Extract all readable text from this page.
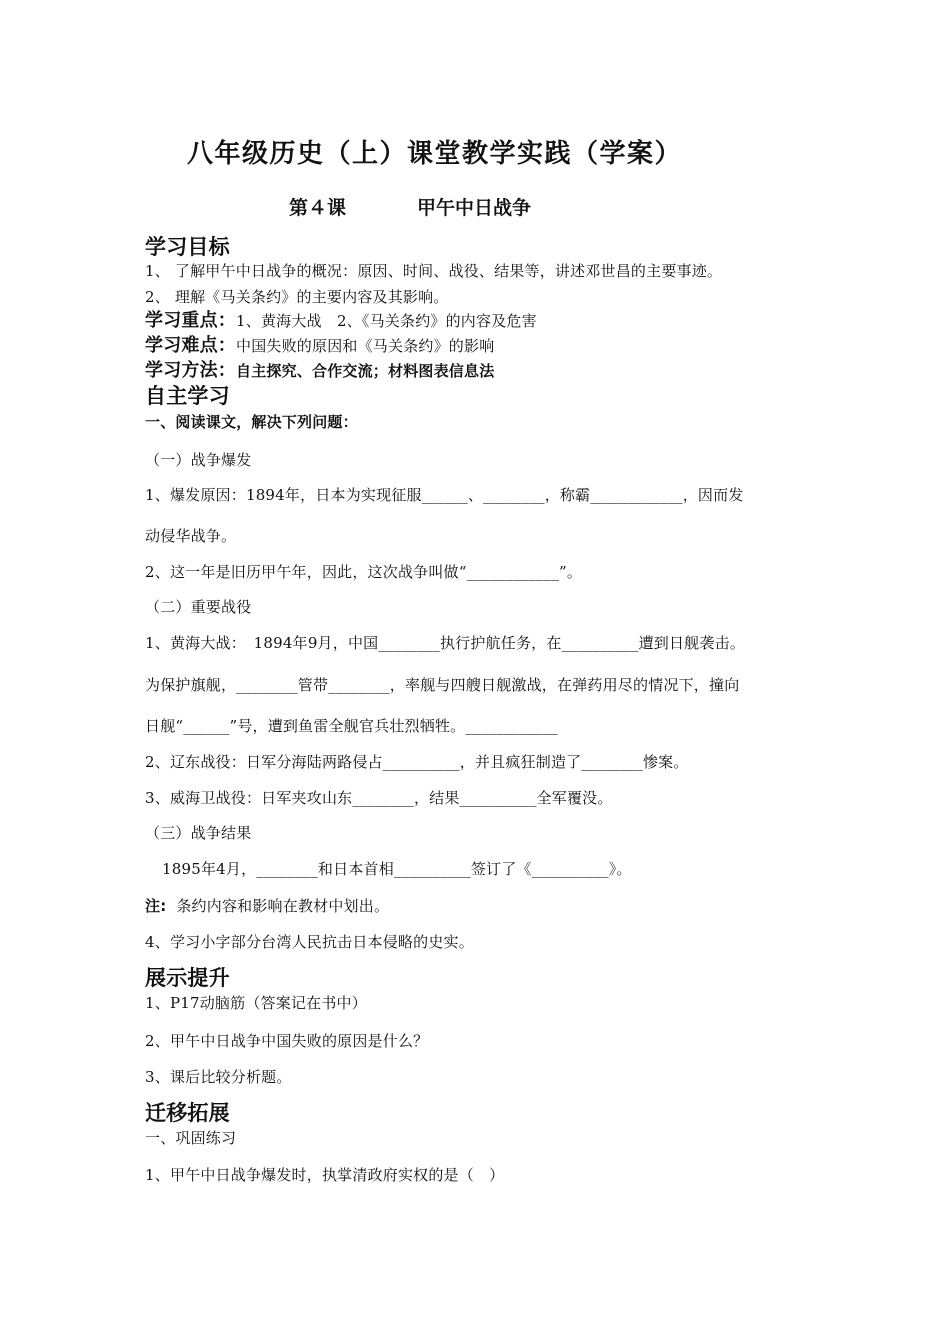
八年级历史（上）课堂教学实践（学案）
第４课	甲午中日战争
学习目标
1、 了解甲午中日战争的概况：原因、时间、战役、结果等，讲述邓世昌的主要事迹。
2、 理解《马关条约》的主要内容及其影响。
学习重点：1、黄海大战　2、《马关条约》的内容及危害
学习难点：中国失败的原因和《马关条约》的影响
学习方法：自主探究、合作交流；材料图表信息法
自主学习
一、阅读课文，解决下列问题：
（一）战争爆发
1、爆发原因：1894年，日本为实现征服______、________，称霸____________，因而发
动侵华战争。
2、这一年是旧历甲午年，因此，这次战争叫做“____________”。
（二）重要战役
1、黄海大战：　1894年9月，中国________执行护航任务，在__________遭到日舰袭击。
为保护旗舰，________管带________，率舰与四艘日舰激战，在弹药用尽的情况下，撞向
日舰“______”号，遭到鱼雷全舰官兵壮烈牺牲。____________
2、辽东战役：日军分海陆两路侵占__________，并且疯狂制造了________惨案。
3、威海卫战役：日军夹攻山东________，结果__________全军覆没。
（三）战争结果
1895年4月，________和日本首相__________签订了《__________》。
注: 条约内容和影响在教材中划出。
4、学习小字部分台湾人民抗击日本侵略的史实。
展示提升
1、P17动脑筋（答案记在书中）
2、甲午中日战争中国失败的原因是什么？
3、课后比较分析题。
迁移拓展
一、巩固练习
1、甲午中日战争爆发时，执掌清政府实权的是（　）
